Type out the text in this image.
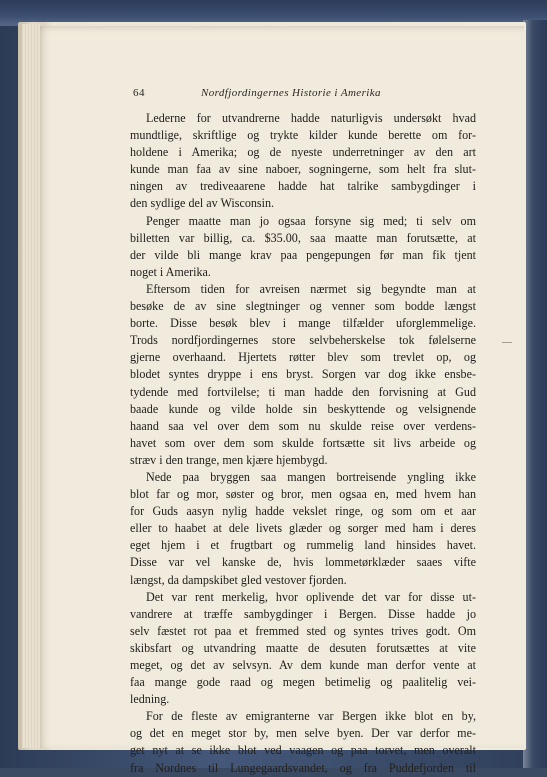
64	Nordfjordingernes Historie i Amerika
Lederne for utvandrerne hadde naturligvis undersøkt hvad
mundtlige, skriftlige og trykte kilder kunde berette om for-
holdene i Amerika; og de nyeste underretninger av den art
kunde man faa av sine naboer, sogningerne, som helt fra slut-
ningen av trediveaarene hadde hat talrike sambygdinger i
den sydlige del av Wisconsin.
Penger maatte man jo ogsaa forsyne sig med; ti selv om
billetten var billig, ca. $35.00, saa maatte man forutsætte, at
der vilde bli mange krav paa pengepungen før man fik tjent
noget i Amerika.
Eftersom tiden for avreisen nærmet sig begyndte man at
besøke de av sine slegtninger og venner som bodde længst
borte. Disse besøk blev i mange tilfælder uforglemmelige.
Trods nordfjordingernes store selvbeherskelse tok følelserne
gjerne overhaand. Hjertets røtter blev som trevlet op, og
blodet syntes dryppe i ens bryst. Sorgen var dog ikke ensbe-
tydende med fortvilelse; ti man hadde den forvisning at Gud
baade kunde og vilde holde sin beskyttende og velsignende
haand saa vel over dem som nu skulde reise over verdens-
havet som over dem som skulde fortsætte sit livs arbeide og
stræv i den trange, men kjære hjembygd.
Nede paa bryggen saa mangen bortreisende yngling ikke
blot far og mor, søster og bror, men ogsaa en, med hvem han
for Guds aasyn nylig hadde vekslet ringe, og som om et aar
eller to haabet at dele livets glæder og sorger med ham i deres
eget hjem i et frugtbart og rummelig land hinsides havet.
Disse var vel kanske de, hvis lommetørklæder saaes vifte
længst, da dampskibet gled vestover fjorden.
Det var rent merkelig, hvor oplivende det var for disse ut-
vandrere at træffe sambygdinger i Bergen. Disse hadde jo
selv fæstet rot paa et fremmed sted og syntes trives godt. Om
skibsfart og utvandring maatte de desuten forutsættes at vite
meget, og det av selvsyn. Av dem kunde man derfor vente at
faa mange gode raad og megen betimelig og paalitelig vei-
ledning.
For de fleste av emigranterne var Bergen ikke blot en by,
og det en meget stor by, men selve byen. Der var derfor me-
get nyt at se ikke blot ved vaagen og paa torvet, men overalt
fra Nordnes til Lungegaardsvandet, og fra Puddefjorden til
